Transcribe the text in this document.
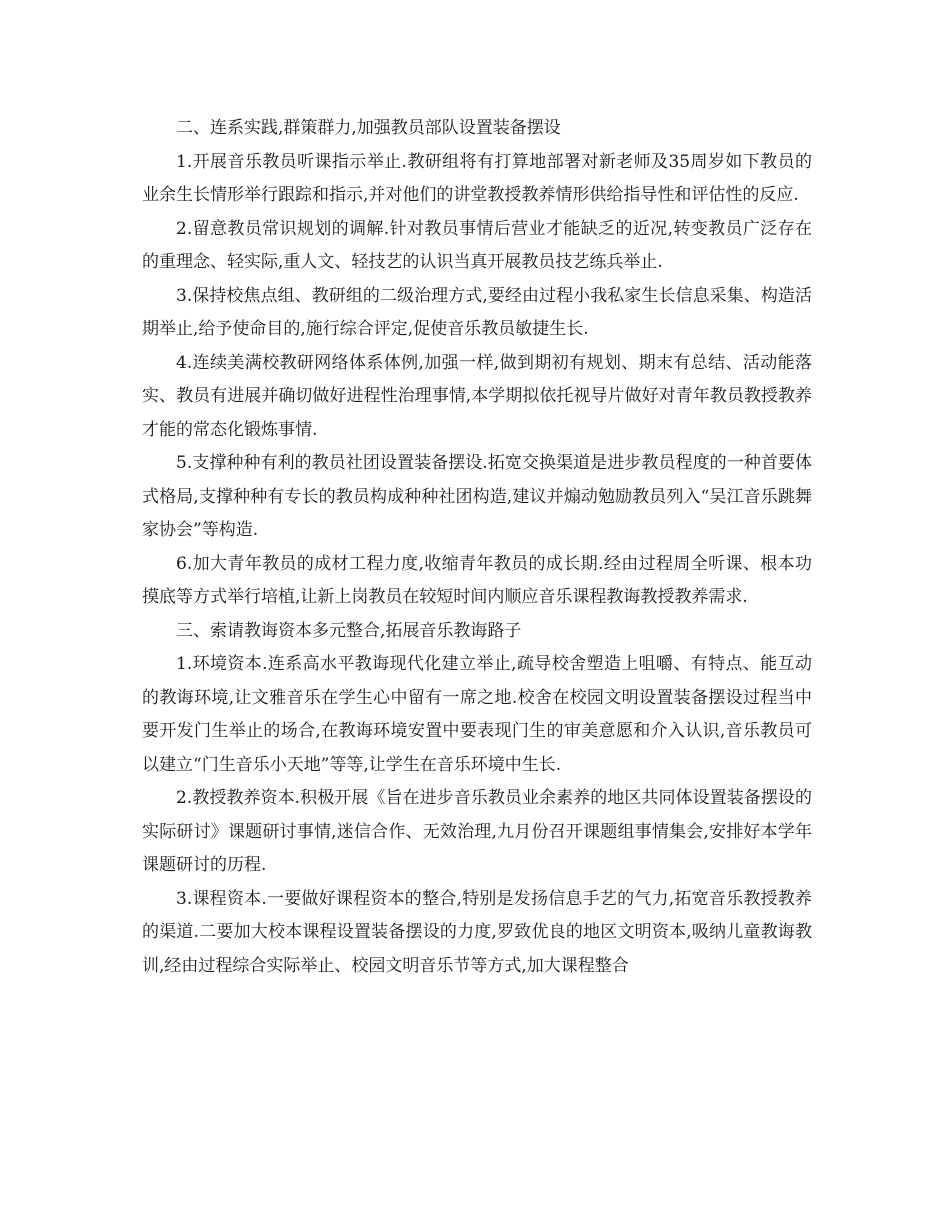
二、连系实践,群策群力,加强教员部队设置装备摆设

1.开展音乐教员听课指示举止.教研组将有打算地部署对新老师及35周岁如下教员的业余生长情形举行跟踪和指示,并对他们的讲堂教授教养情形供给指导性和评估性的反应.

2.留意教员常识规划的调解.针对教员事情后营业才能缺乏的近况,转变教员广泛存在的重理念、轻实际,重人文、轻技艺的认识当真开展教员技艺练兵举止.

3.保持校焦点组、教研组的二级治理方式,要经由过程小我私家生长信息采集、构造活期举止,给予使命目的,施行综合评定,促使音乐教员敏捷生长.

4.连续美满校教研网络体系体例,加强一样,做到期初有规划、期末有总结、活动能落实、教员有进展并确切做好进程性治理事情,本学期拟依托视导片做好对青年教员教授教养才能的常态化锻炼事情.

5.支撑种种有利的教员社团设置装备摆设.拓宽交换渠道是进步教员程度的一种首要体式格局,支撑种种有专长的教员构成种种社团构造,建议并煽动勉励教员列入“吴江音乐跳舞家协会”等构造.

6.加大青年教员的成材工程力度,收缩青年教员的成长期.经由过程周全听课、根本功摸底等方式举行培植,让新上岗教员在较短时间内顺应音乐课程教诲教授教养需求.

三、索请教诲资本多元整合,拓展音乐教诲路子

1.环境资本.连系高水平教诲现代化建立举止,疏导校舍塑造上咀嚼、有特点、能互动的教诲环境,让文雅音乐在学生心中留有一席之地.校舍在校园文明设置装备摆设过程当中要开发门生举止的场合,在教诲环境安置中要表现门生的审美意愿和介入认识,音乐教员可以建立“门生音乐小天地”等等,让学生在音乐环境中生长.

2.教授教养资本.积极开展《旨在进步音乐教员业余素养的地区共同体设置装备摆设的实际研讨》课题研讨事情,迷信合作、无效治理,九月份召开课题组事情集会,安排好本学年课题研讨的历程.

3.课程资本.一要做好课程资本的整合,特别是发扬信息手艺的气力,拓宽音乐教授教养的渠道.二要加大校本课程设置装备摆设的力度,罗致优良的地区文明资本,吸纳儿童教诲教训,经由过程综合实际举止、校园文明音乐节等方式,加大课程整合
